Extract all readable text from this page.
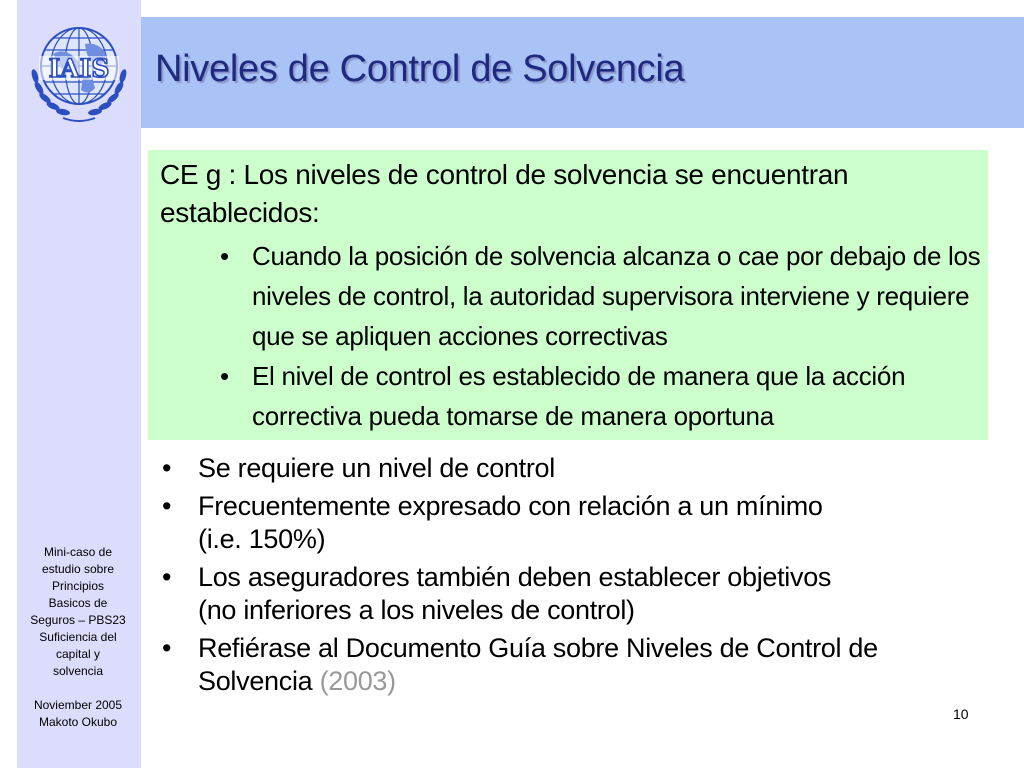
IAIS Niveles de Control de Solvencia
CE g : Los niveles de control de solvencia se encuentran establecidos:
• Cuando la posición de solvencia alcanza o cae por debajo de los niveles de control, la autoridad supervisora interviene y requiere que se apliquen acciones correctivas
• El nivel de control es establecido de manera que la acción correctiva pueda tomarse de manera oportuna
• Se requiere un nivel de control
• Frecuentemente expresado con relación a un mínimo
(i.e. 150%)
• Los aseguradores también deben establecer objetivos
(no inferiores a los niveles de control)
• Refiérase al Documento Guía sobre Niveles de Control de Solvencia (2003)
Mini-caso de
estudio sobre
Principios
Basicos de
Seguros – PBS23
Suficiencia del
capital y
solvencia
Noviember 2005
Makoto Okubo	10
